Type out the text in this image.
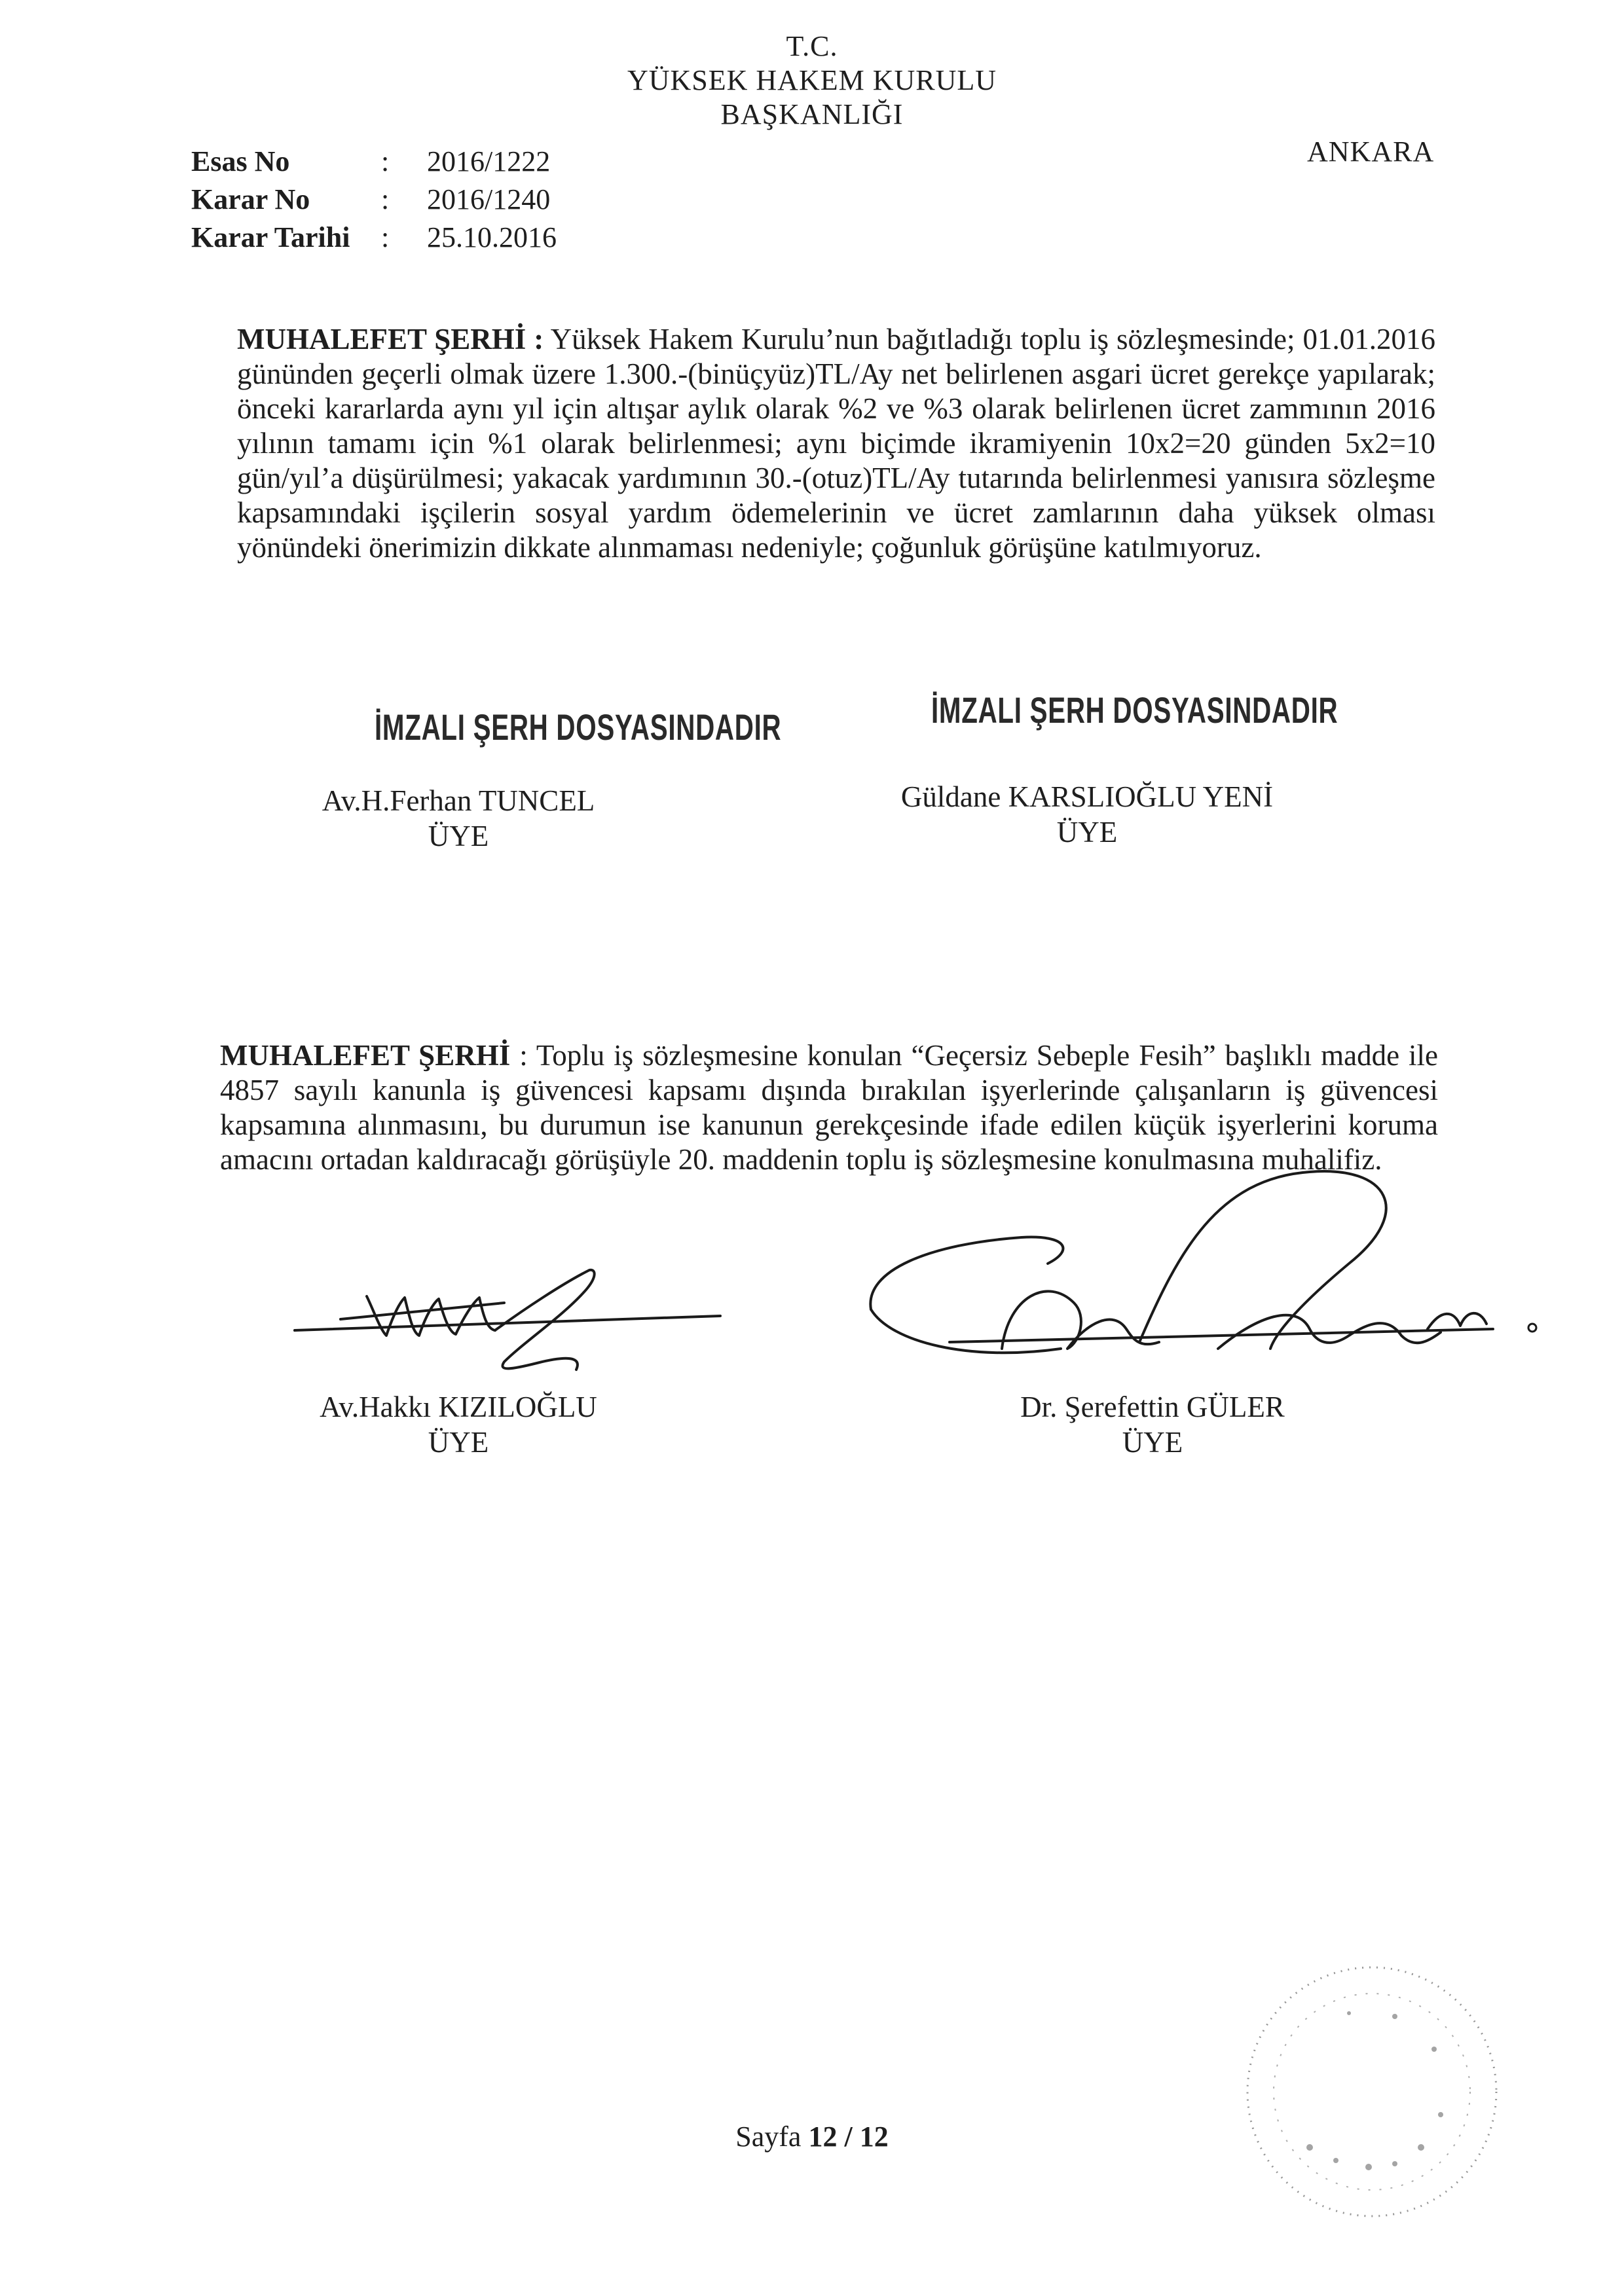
T.C.
YÜKSEK HAKEM KURULU
BAŞKANLIĞI
ANKARA
Esas No	:	2016/1222
Karar No	:	2016/1240
Karar Tarihi	:	25.10.2016
MUHALEFET ŞERHİ : Yüksek Hakem Kurulu’nun bağıtladığı toplu iş sözleşmesinde; 01.01.2016 gününden geçerli olmak üzere 1.300.-(binüçyüz)TL/Ay net belirlenen asgari ücret gerekçe yapılarak; önceki kararlarda aynı yıl için altışar aylık olarak %2 ve %3 olarak belirlenen ücret zammının 2016 yılının tamamı için %1 olarak belirlenmesi; aynı biçimde ikramiyenin 10x2=20 günden 5x2=10 gün/yıl’a düşürülmesi; yakacak yardımının 30.-(otuz)TL/Ay tutarında belirlenmesi yanısıra sözleşme kapsamındaki işçilerin sosyal yardım ödemelerinin ve ücret zamlarının daha yüksek olması yönündeki önerimizin dikkate alınmaması nedeniyle; çoğunluk görüşüne katılmıyoruz.
İMZALI ŞERH DOSYASINDADIR	İMZALI ŞERH DOSYASINDADIR
Av.H.Ferhan TUNCEL
ÜYE
Güldane KARSLIOĞLU YENİ
ÜYE
MUHALEFET ŞERHİ : Toplu iş sözleşmesine konulan “Geçersiz Sebeple Fesih” başlıklı madde ile 4857 sayılı kanunla iş güvencesi kapsamı dışında bırakılan işyerlerinde çalışanların iş güvencesi kapsamına alınmasını, bu durumun ise kanunun gerekçesinde ifade edilen küçük işyerlerini koruma amacını ortadan kaldıracağı görüşüyle 20. maddenin toplu iş sözleşmesine konulmasına muhalifiz.
Av.Hakkı KIZILOĞLU
ÜYE
Dr. Şerefettin GÜLER
ÜYE
Sayfa 12 / 12
